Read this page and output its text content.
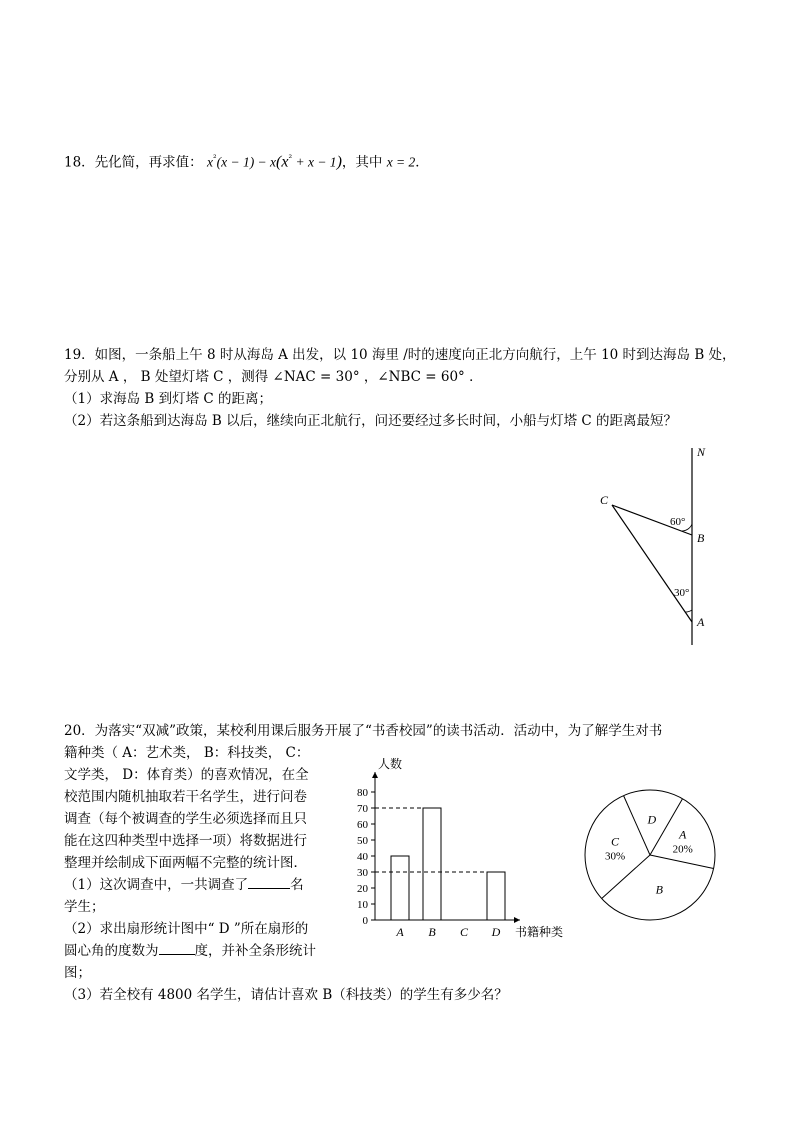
18．先化简，再求值： $x^{^2}(x - 1) - x(x^{^2} + x - 1)$，其中 x = 2．
19．如图，一条船上午 8 时从海岛 A 出发，以 10 海里 /时的速度向正北方向航行，上午 10 时到达海岛 B 处，
分别从 A ， B 处望灯塔 C ，测得 ∠NAC = 30° ，∠NBC = 60° ．
（1）求海岛 B 到灯塔 C 的距离；
（2）若这条船到达海岛 B 以后，继续向正北航行，问还要经过多长时间，小船与灯塔 C 的距离最短？
N
C
B
A
60°
30°
20．为落实“双减”政策，某校利用课后服务开展了“书香校园”的读书活动．活动中，为了解学生对书
籍种类（ A：艺术类， B：科技类， C：
文学类， D：体育类）的喜欢情况，在全
校范围内随机抽取若干名学生，进行问卷
调查（每个被调查的学生必须选择而且只
能在这四种类型中选择一项）将数据进行
整理并绘制成下面两幅不完整的统计图．
（1）这次调查中，一共调查了	名
学生；
（2）求出扇形统计图中“ D ”所在扇形的
圆心角的度数为	度，并补全条形统计
图；
（3）若全校有 4800 名学生，请估计喜欢 B（科技类）的学生有多少名？
人数
书籍种类
0
10
20
30
40
50
60
70
80
A B C D
D
A
20%
B
C
30%
